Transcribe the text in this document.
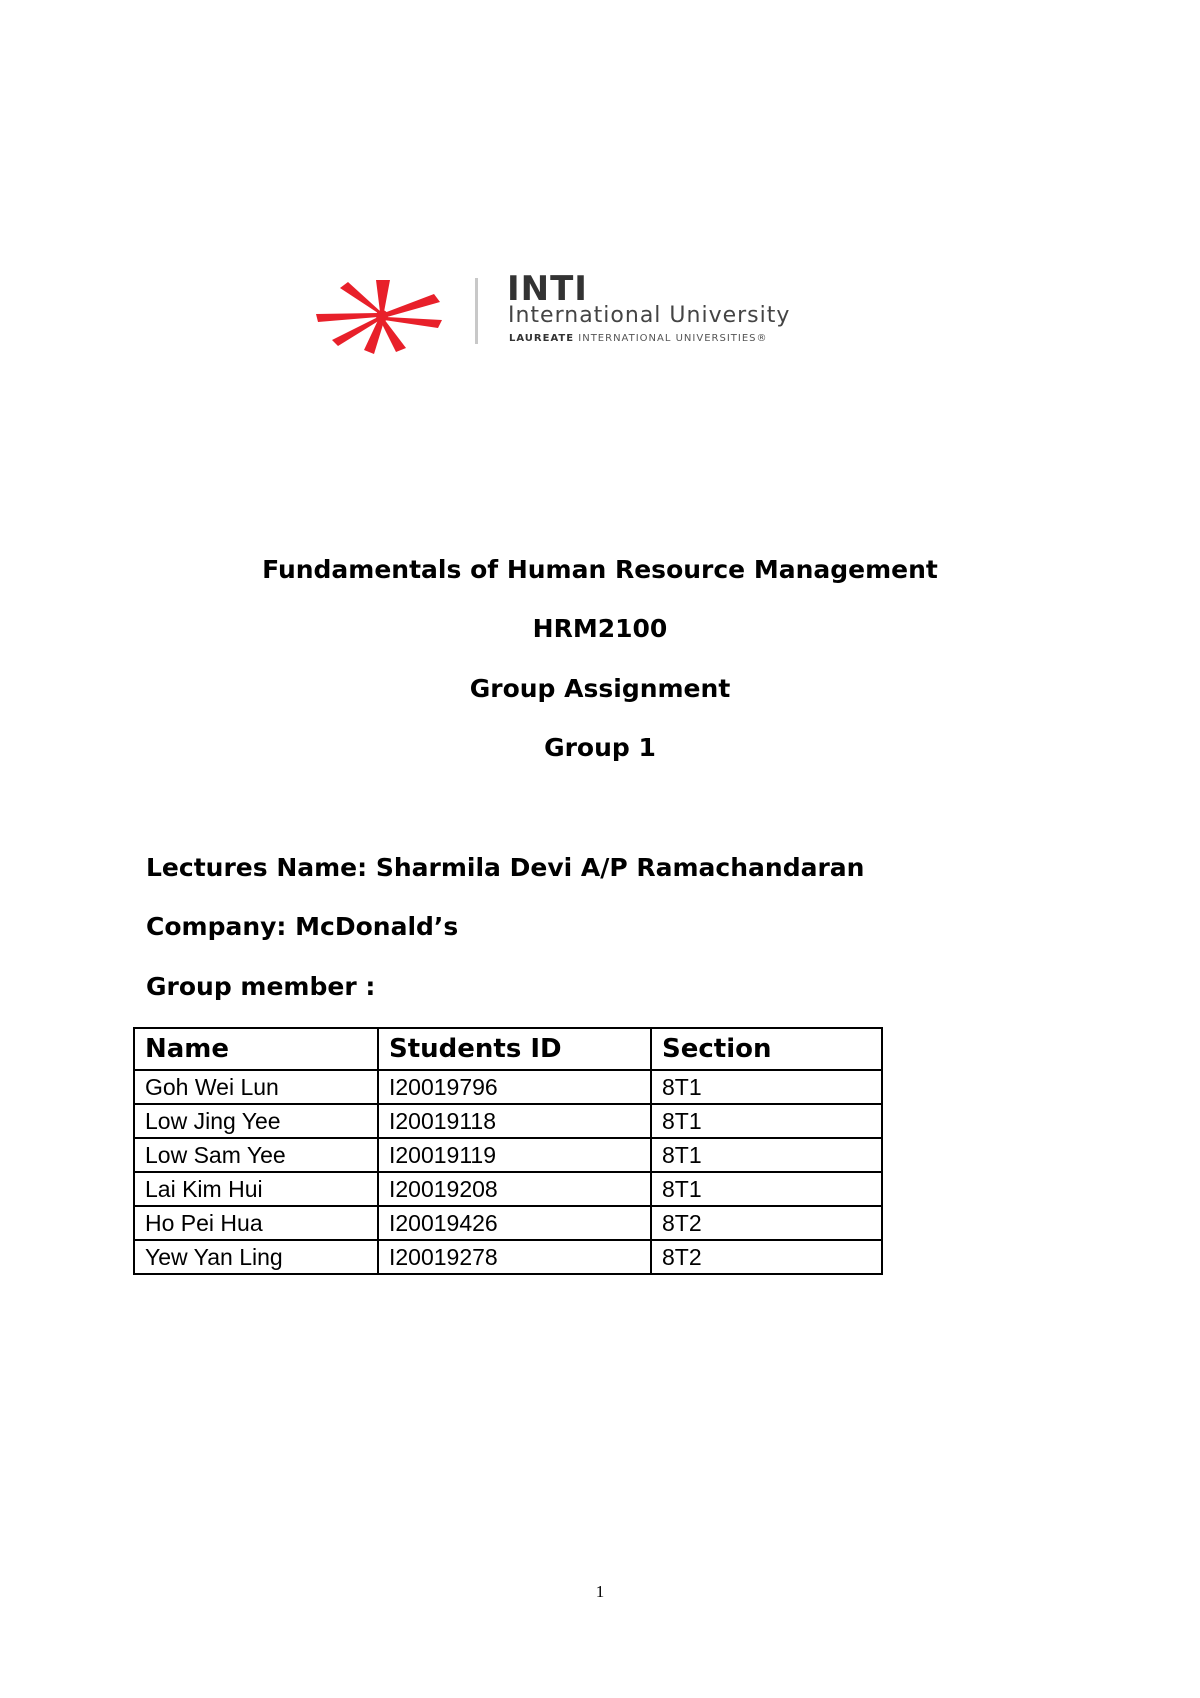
INTI
International University
LAUREATE INTERNATIONAL UNIVERSITIES®
Fundamentals of Human Resource Management
HRM2100
Group Assignment
Group 1

Lectures Name: Sharmila Devi A/P Ramachandaran

Company: McDonald’s

Group member :

Name	Students ID	Section
Goh Wei Lun	I20019796	8T1
Low Jing Yee	I20019118	8T1
Low Sam Yee	I20019119	8T1
Lai Kim Hui	I20019208	8T1
Ho Pei Hua	I20019426	8T2
Yew Yan Ling	I20019278	8T2
1
